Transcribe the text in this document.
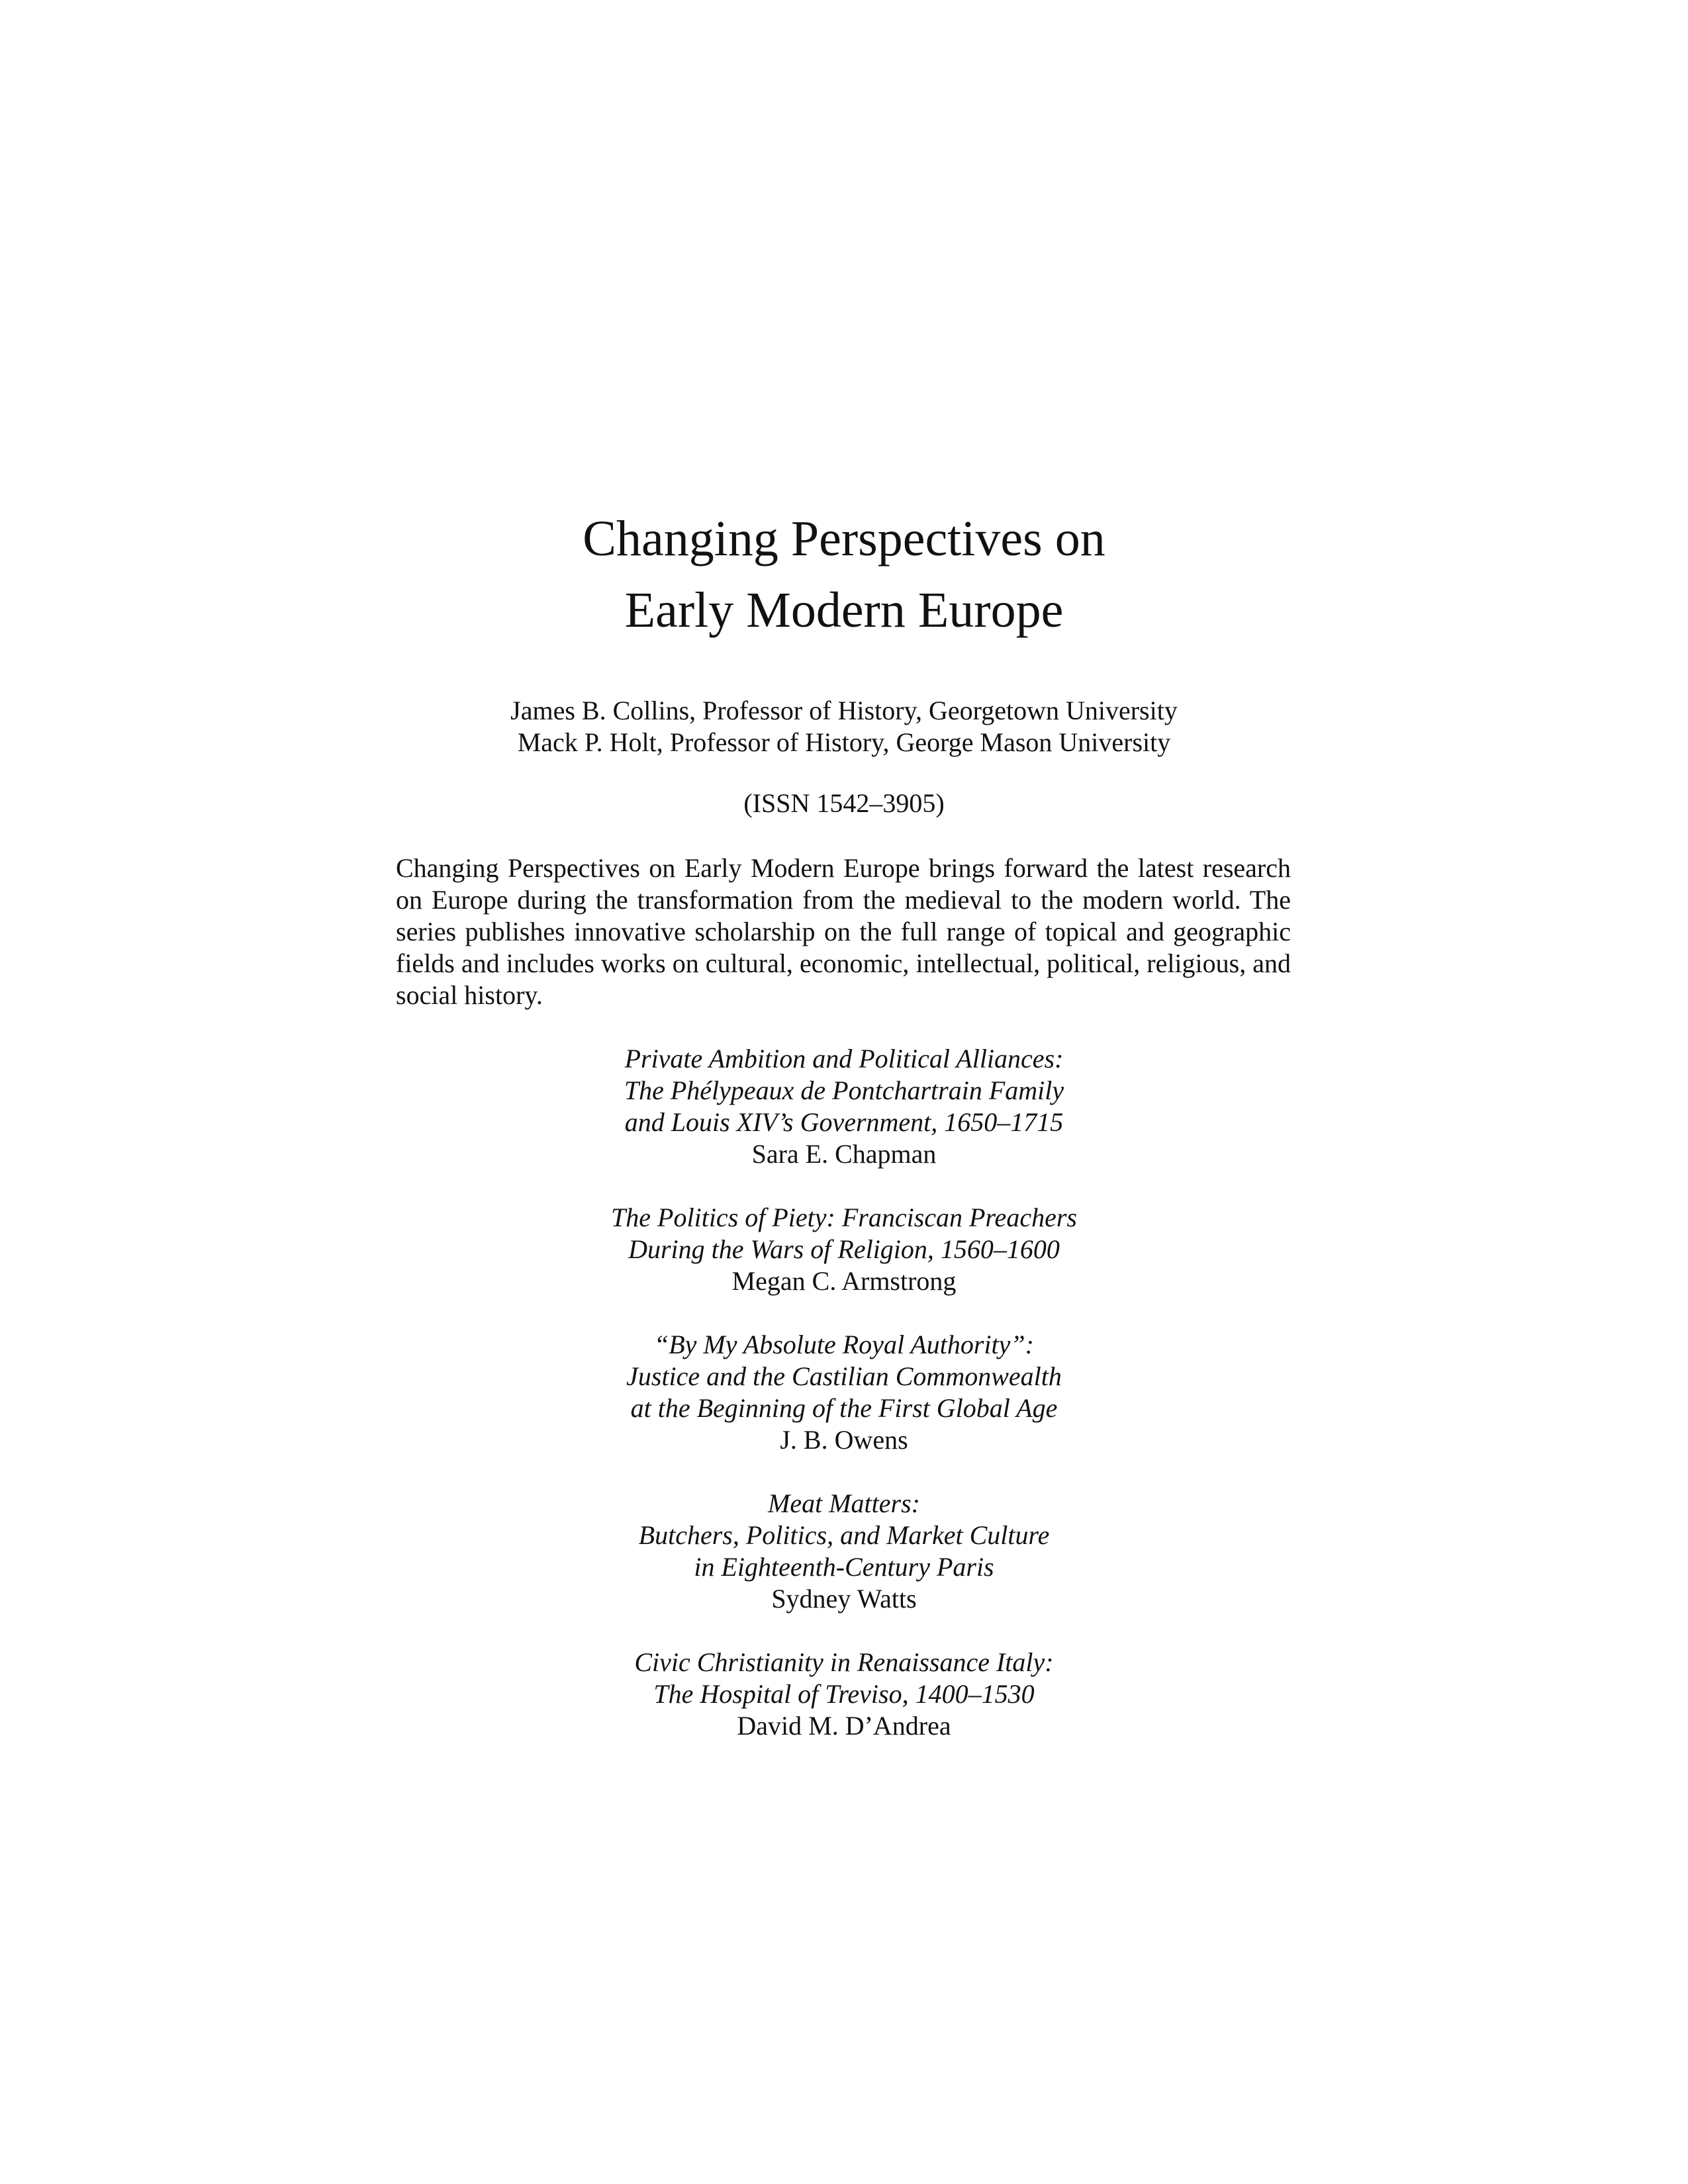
Changing Perspectives on
Early Modern Europe
James B. Collins, Professor of History, Georgetown University
Mack P. Holt, Professor of History, George Mason University
(ISSN 1542–3905)

Changing Perspectives on Early Modern Europe brings forward the latest research on Europe during the transformation from the medieval to the modern world. The series publishes innovative scholarship on the full range of topical and geographic fields and includes works on cultural, economic, intellectual, political, religious, and social history.

Private Ambition and Political Alliances:
The Phélypeaux de Pontchartrain Family
and Louis XIV’s Government, 1650–1715
Sara E. Chapman
The Politics of Piety: Franciscan Preachers
During the Wars of Religion, 1560–1600
Megan C. Armstrong
“By My Absolute Royal Authority”:
Justice and the Castilian Commonwealth
at the Beginning of the First Global Age
J. B. Owens
Meat Matters:
Butchers, Politics, and Market Culture
in Eighteenth-Century Paris
Sydney Watts
Civic Christianity in Renaissance Italy:
The Hospital of Treviso, 1400–1530
David M. D’Andrea
